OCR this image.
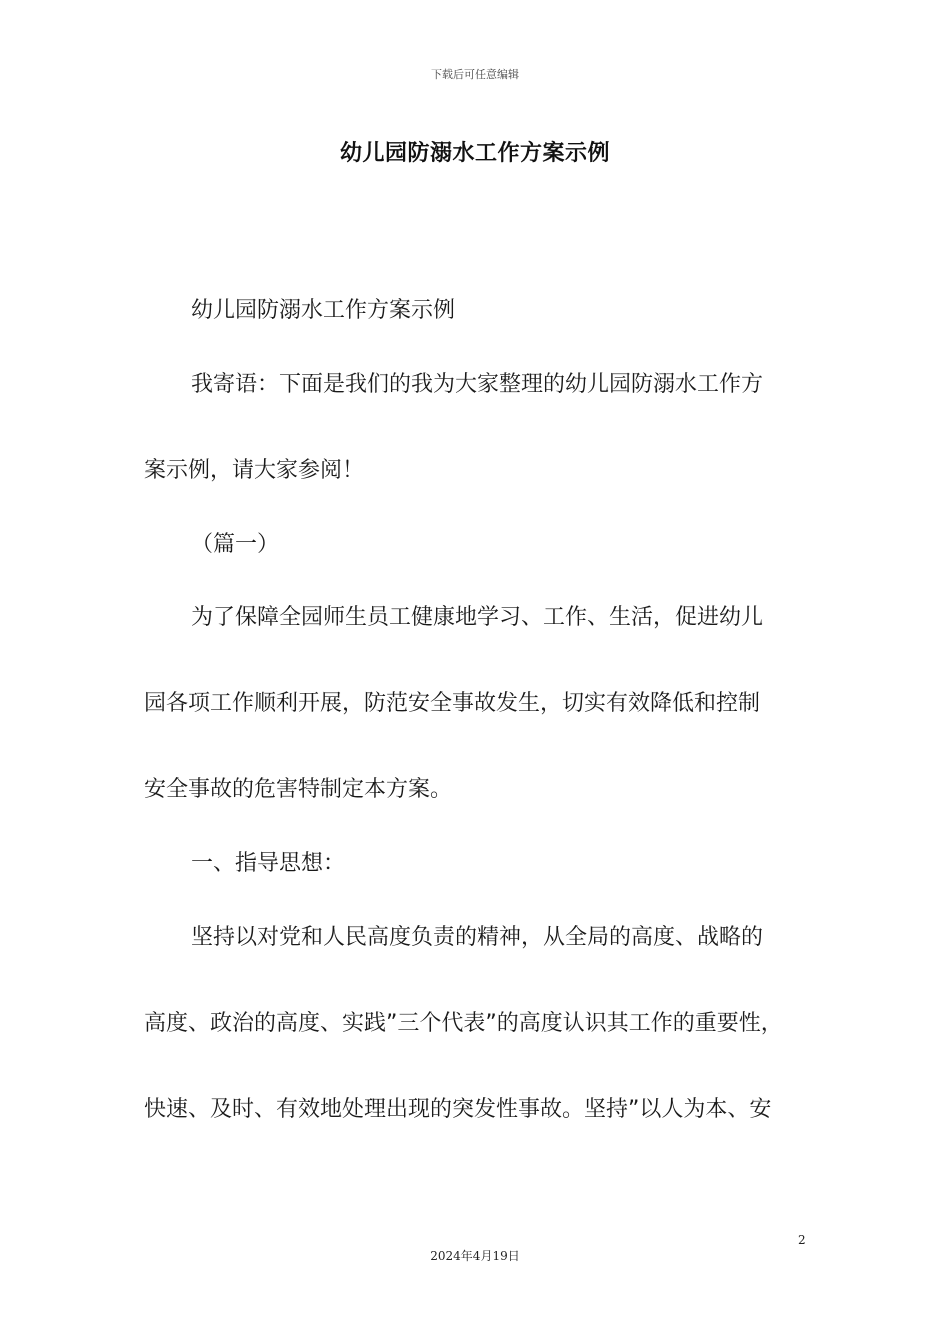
下载后可任意编辑
幼儿园防溺水工作方案示例
幼儿园防溺水工作方案示例
我寄语：下面是我们的我为大家整理的幼儿园防溺水工作方
案示例，请大家参阅！
（篇一）
为了保障全园师生员工健康地学习、工作、生活，促进幼儿
园各项工作顺利开展，防范安全事故发生，切实有效降低和控制
安全事故的危害特制定本方案。
一、指导思想：
坚持以对党和人民高度负责的精神，从全局的高度、战略的
高度、政治的高度、实践”三个代表”的高度认识其工作的重要性，
快速、及时、有效地处理出现的突发性事故。坚持”以人为本、安
2
2024年4月19日
